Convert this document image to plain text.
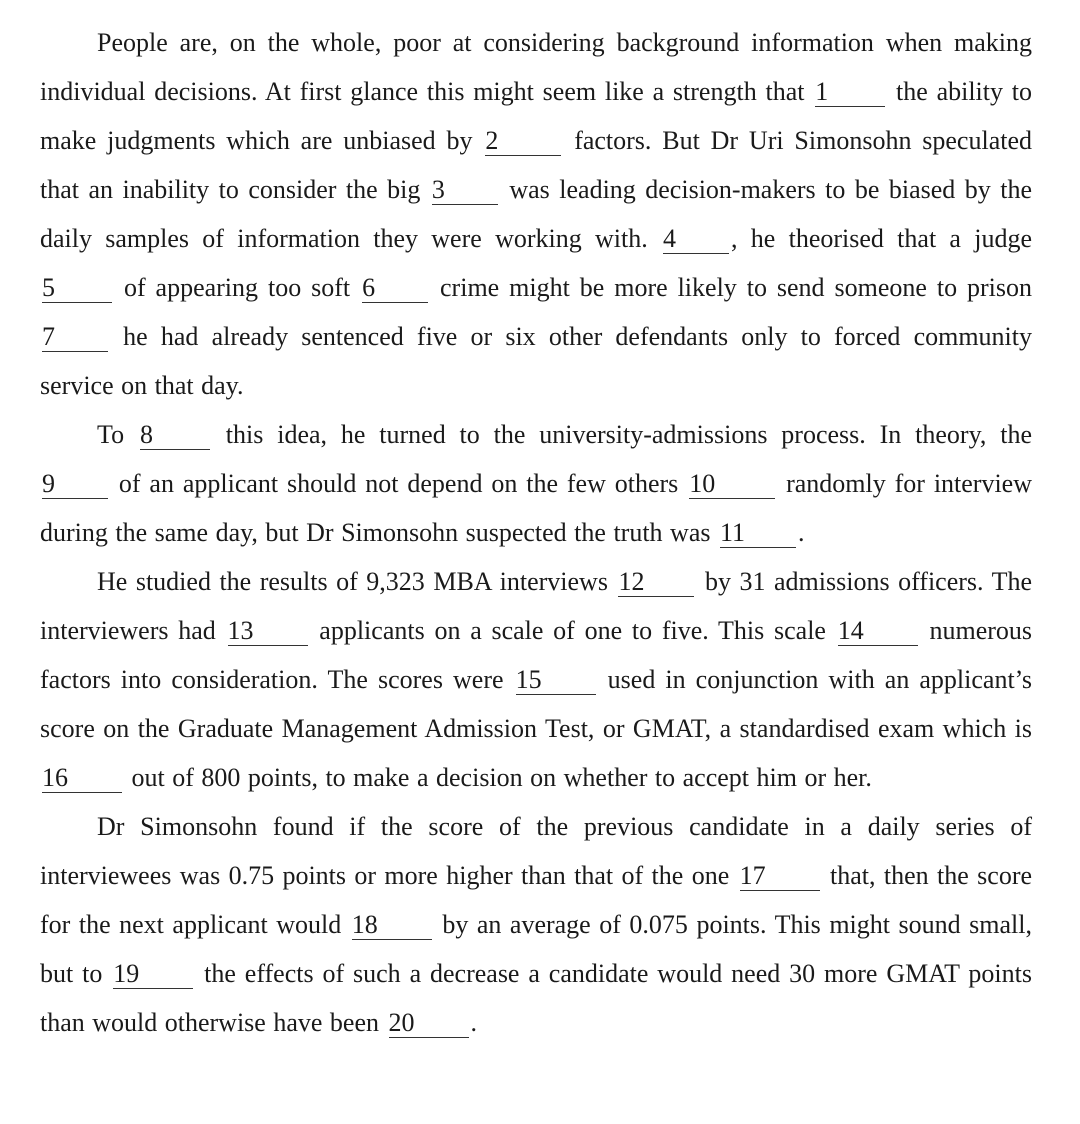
People are, on the whole, poor at considering background information when making individual decisions. At first glance this might seem like a strength that 1	the ability to make judgments which are unbiased by 2	factors. But Dr Uri Simonsohn speculated that an inability to consider the big 3 was leading decision-makers to be biased by the daily samples of information they were working with. 4 , he theorised that a judge 5	of appearing too soft 6 crime might be more likely to send someone to prison 7	he had already sentenced five or six other defendants only to forced community service on that day.

To 8	this idea, he turned to the university-admissions process. In theory, the 9 of an applicant should not depend on the few others 10	randomly for interview during the same day, but Dr Simonsohn suspected the truth was 11 .

He studied the results of 9,323 MBA interviews 12 by 31 admissions officers. The interviewers had 13	applicants on a scale of one to five. This scale 14	numerous factors into consideration. The scores were 15	used in conjunction with an applicant’s score on the Graduate Management Admission Test, or GMAT, a standardised exam which is 16 out of 800 points, to make a decision on whether to accept him or her.

Dr Simonsohn found if the score of the previous candidate in a daily series of interviewees was 0.75 points or more higher than that of the one 17 that, then the score for the next applicant would 18 by an average of 0.075 points. This might sound small, but to 19 the effects of such a decrease a candidate would need 30 more GMAT points than would otherwise have been 20 .
